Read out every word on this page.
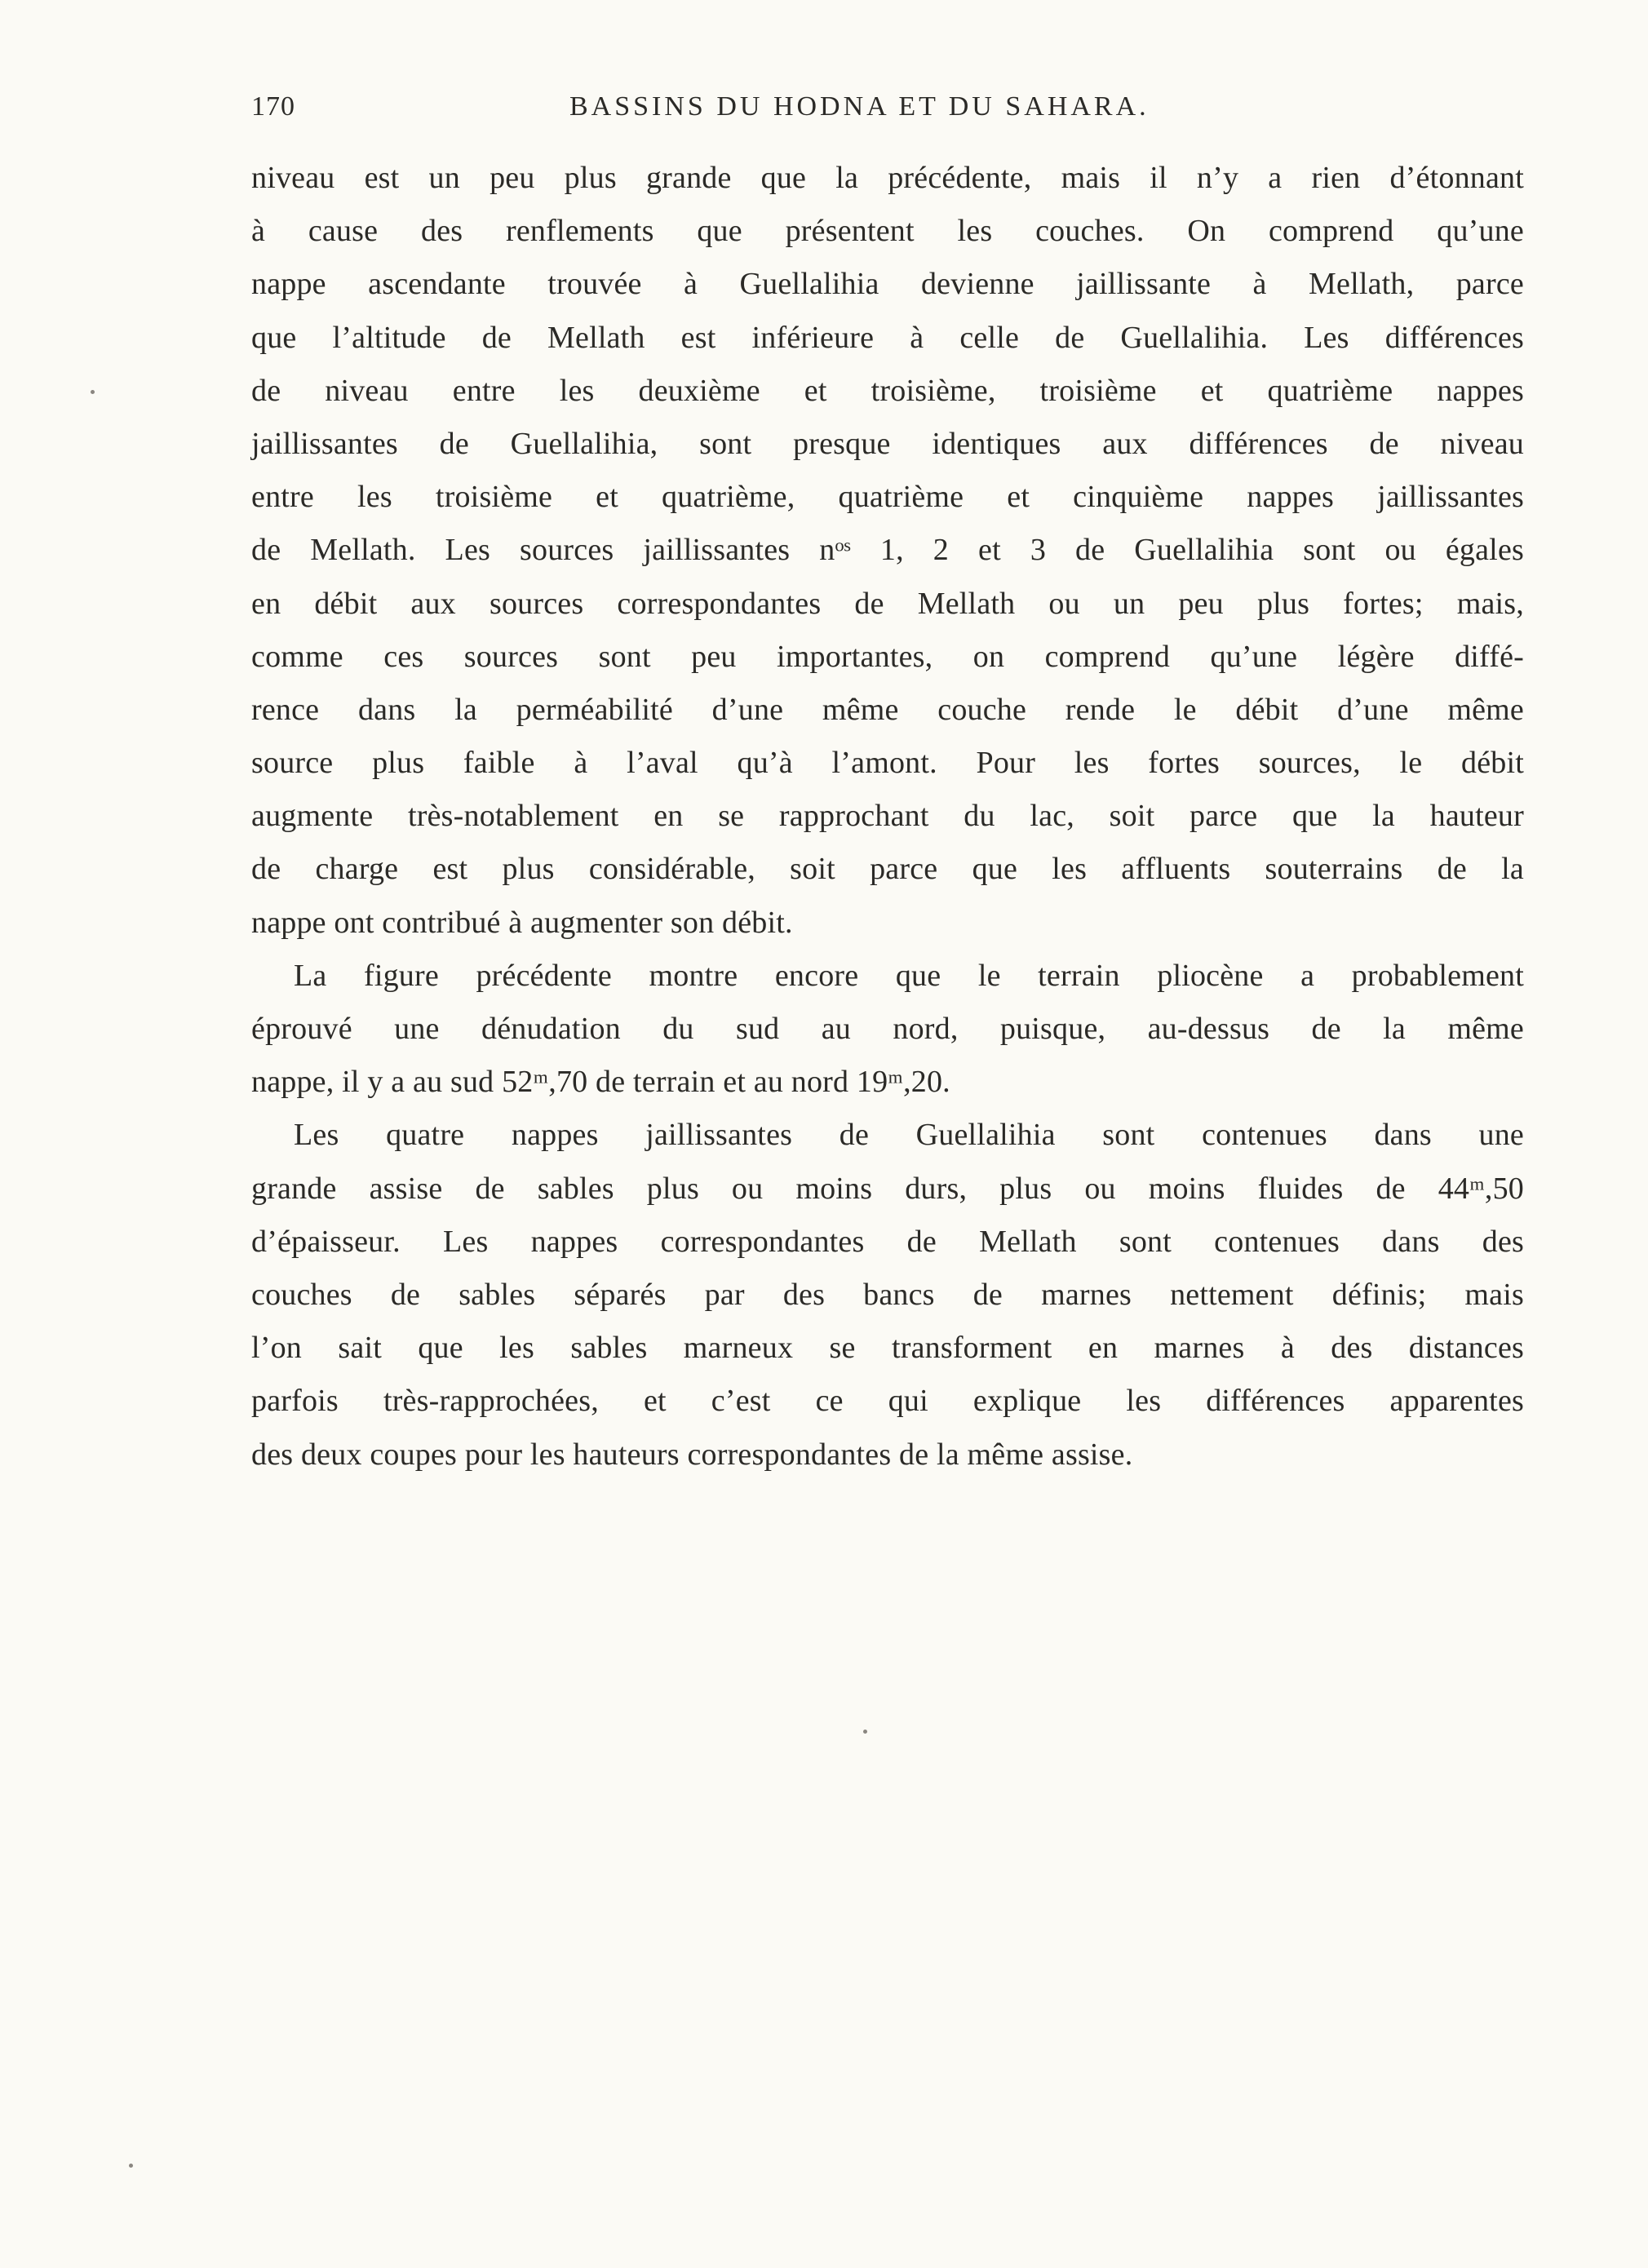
170	BASSINS DU HODNA ET DU SAHARA.
niveau est un peu plus grande que la précédente, mais il n’y a rien d’étonnant
à cause des renflements que présentent les couches. On comprend qu’une
nappe ascendante trouvée à Guellalihia devienne jaillissante à Mellath, parce
que l’altitude de Mellath est inférieure à celle de Guellalihia. Les différences
de niveau entre les deuxième et troisième, troisième et quatrième nappes
jaillissantes de Guellalihia, sont presque identiques aux différences de niveau
entre les troisième et quatrième, quatrième et cinquième nappes jaillissantes
de Mellath. Les sources jaillissantes nᵒˢ 1, 2 et 3 de Guellalihia sont ou égales
en débit aux sources correspondantes de Mellath ou un peu plus fortes; mais,
comme ces sources sont peu importantes, on comprend qu’une légère diffé-
rence dans la perméabilité d’une même couche rende le débit d’une même
source plus faible à l’aval qu’à l’amont. Pour les fortes sources, le débit
augmente très-notablement en se rapprochant du lac, soit parce que la hauteur
de charge est plus considérable, soit parce que les affluents souterrains de la
nappe ont contribué à augmenter son débit.
La figure précédente montre encore que le terrain pliocène a probablement
éprouvé une dénudation du sud au nord, puisque, au-dessus de la même
nappe, il y a au sud 52ᵐ,70 de terrain et au nord 19ᵐ,20.
Les quatre nappes jaillissantes de Guellalihia sont contenues dans une
grande assise de sables plus ou moins durs, plus ou moins fluides de 44ᵐ,50
d’épaisseur. Les nappes correspondantes de Mellath sont contenues dans des
couches de sables séparés par des bancs de marnes nettement définis; mais
l’on sait que les sables marneux se transforment en marnes à des distances
parfois très-rapprochées, et c’est ce qui explique les différences apparentes
des deux coupes pour les hauteurs correspondantes de la même assise.
